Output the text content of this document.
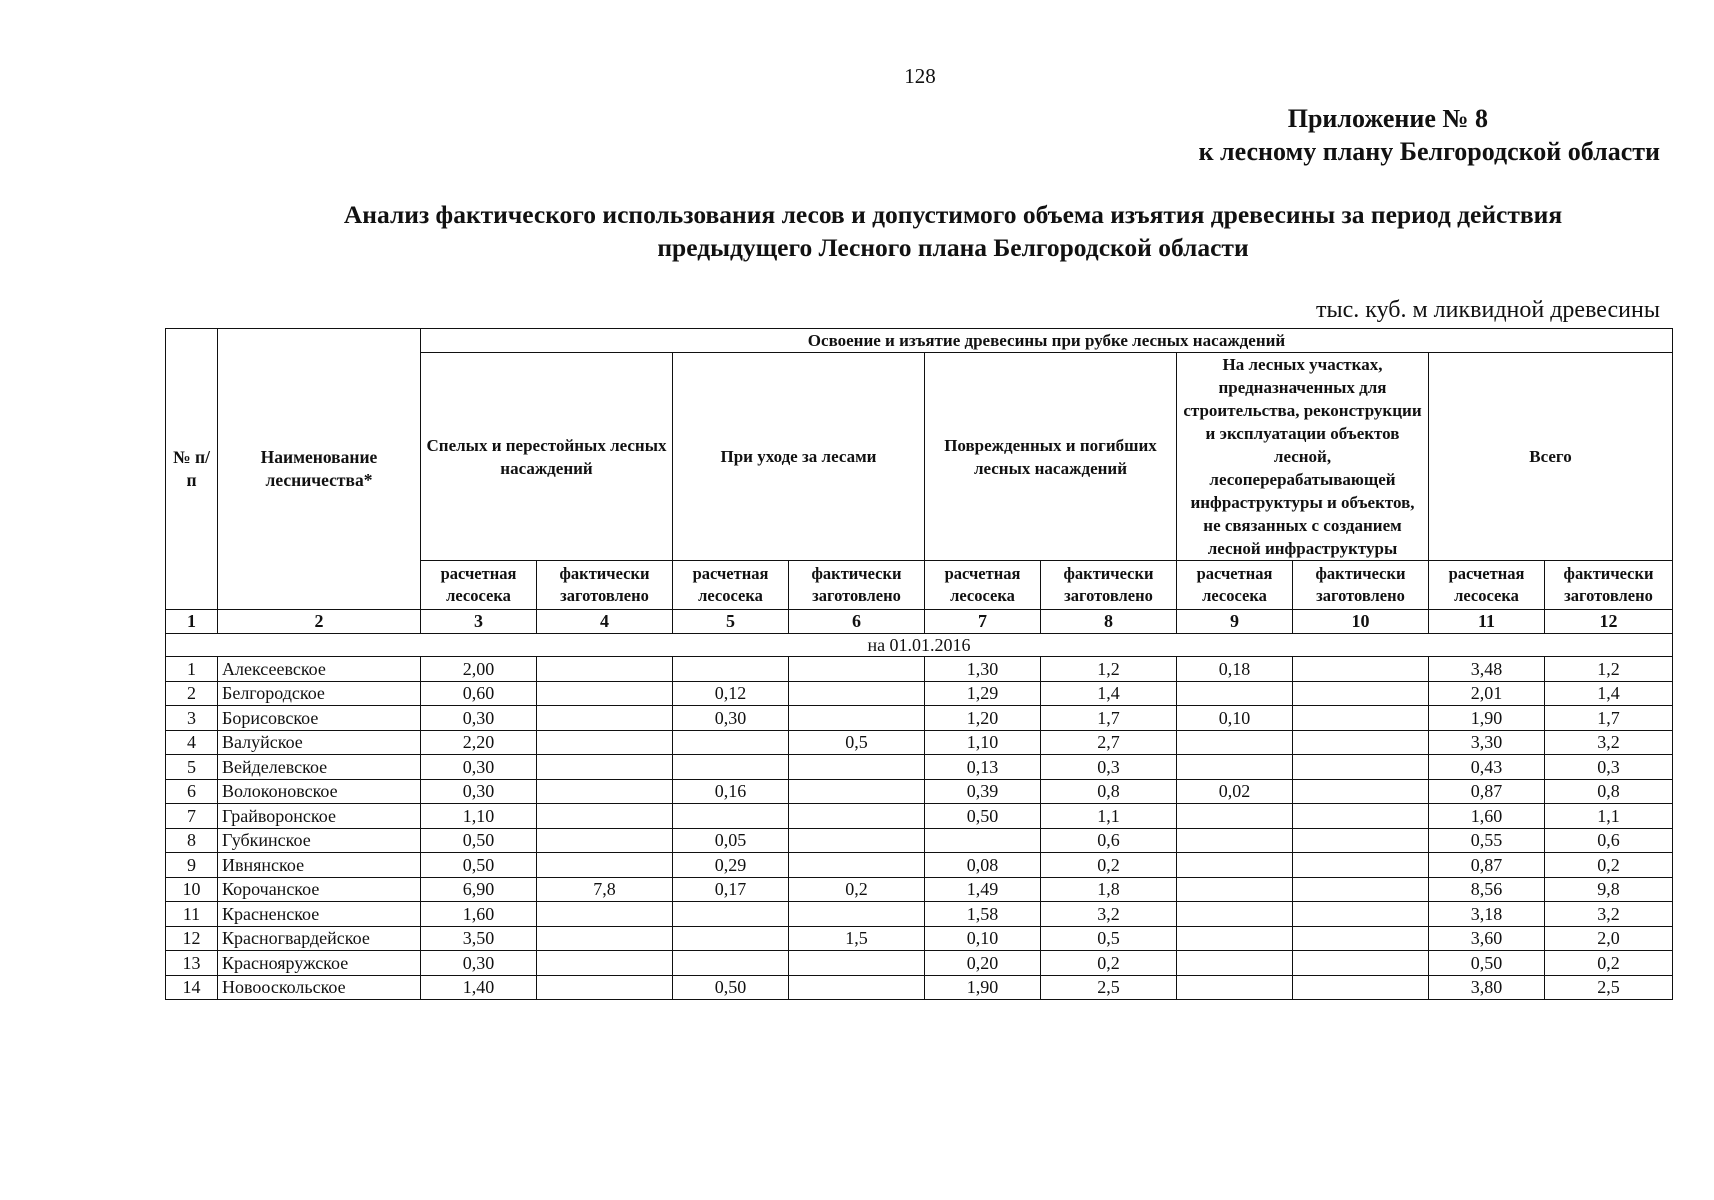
128
Приложение № 8
к лесному плану Белгородской области
Анализ фактического использования лесов и допустимого объема изъятия древесины за период действия
предыдущего Лесного плана Белгородской области
тыс. куб. м ликвидной древесины
№ п/п	Наименование лесничества*	Освоение и изъятие древесины при рубке лесных насаждений									
		Спелых и перестойных лесных насаждений		При уходе за лесами		Поврежденных и погибших лесных насаждений		На лесных участках, предназначенных для строительства, реконструкции и эксплуатации объектов лесной, лесоперерабатывающей инфраструктуры и объектов, не связанных с созданием лесной инфраструктуры		Всего	
		расчетная лесосека	фактически заготовлено	расчетная лесосека	фактически заготовлено	расчетная лесосека	фактически заготовлено	расчетная лесосека	фактически заготовлено	расчетная лесосека	фактически заготовлено
1	2	3	4	5	6	7	8	9	10	11	12
на 01.01.2016											
1	Алексеевское	2,00				1,30	1,2	0,18		3,48	1,2
2	Белгородское	0,60		0,12		1,29	1,4			2,01	1,4
3	Борисовское	0,30		0,30		1,20	1,7	0,10		1,90	1,7
4	Валуйское	2,20			0,5	1,10	2,7			3,30	3,2
5	Вейделевское	0,30				0,13	0,3			0,43	0,3
6	Волоконовское	0,30		0,16		0,39	0,8	0,02		0,87	0,8
7	Грайворонское	1,10				0,50	1,1			1,60	1,1
8	Губкинское	0,50		0,05			0,6			0,55	0,6
9	Ивнянское	0,50		0,29		0,08	0,2			0,87	0,2
10	Корочанское	6,90	7,8	0,17	0,2	1,49	1,8			8,56	9,8
11	Красненское	1,60				1,58	3,2			3,18	3,2
12	Красногвардейское	3,50			1,5	0,10	0,5			3,60	2,0
13	Краснояружское	0,30				0,20	0,2			0,50	0,2
14	Новооскольское	1,40		0,50		1,90	2,5			3,80	2,5
